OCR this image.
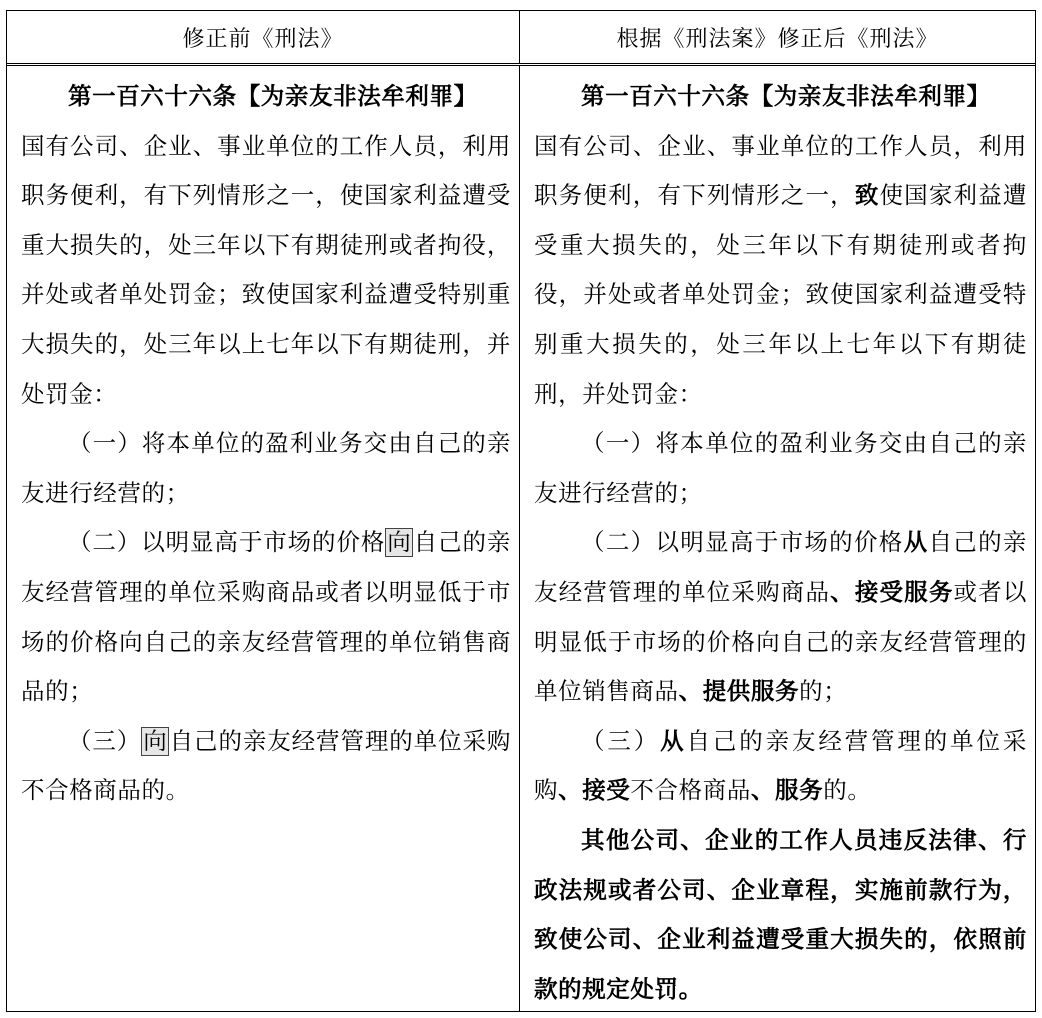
修正前《刑法》	根据《刑法案》修正后《刑法》

第一百六十六条【为亲友非法牟利罪】

国有公司、企业、事业单位的工作人员，利用职务便利，有下列情形之一，使国家利益遭受重大损失的，处三年以下有期徒刑或者拘役，并处或者单处罚金；致使国家利益遭受特别重大损失的，处三年以上七年以下有期徒刑，并处罚金：

（一）将本单位的盈利业务交由自己的亲友进行经营的；

（二）以明显高于市场的价格向自己的亲友经营管理的单位采购商品或者以明显低于市场的价格向自己的亲友经营管理的单位销售商品的；

（三）向自己的亲友经营管理的单位采购不合格商品的。

第一百六十六条【为亲友非法牟利罪】

国有公司、企业、事业单位的工作人员，利用职务便利，有下列情形之一，致使国家利益遭受重大损失的，处三年以下有期徒刑或者拘役，并处或者单处罚金；致使国家利益遭受特别重大损失的，处三年以上七年以下有期徒刑，并处罚金：

（一）将本单位的盈利业务交由自己的亲友进行经营的；

（二）以明显高于市场的价格从自己的亲友经营管理的单位采购商品、接受服务或者以明显低于市场的价格向自己的亲友经营管理的单位销售商品、提供服务的；

（三）从自己的亲友经营管理的单位采购、接受不合格商品、服务的。

其他公司、企业的工作人员违反法律、行政法规或者公司、企业章程，实施前款行为，致使公司、企业利益遭受重大损失的，依照前款的规定处罚。
